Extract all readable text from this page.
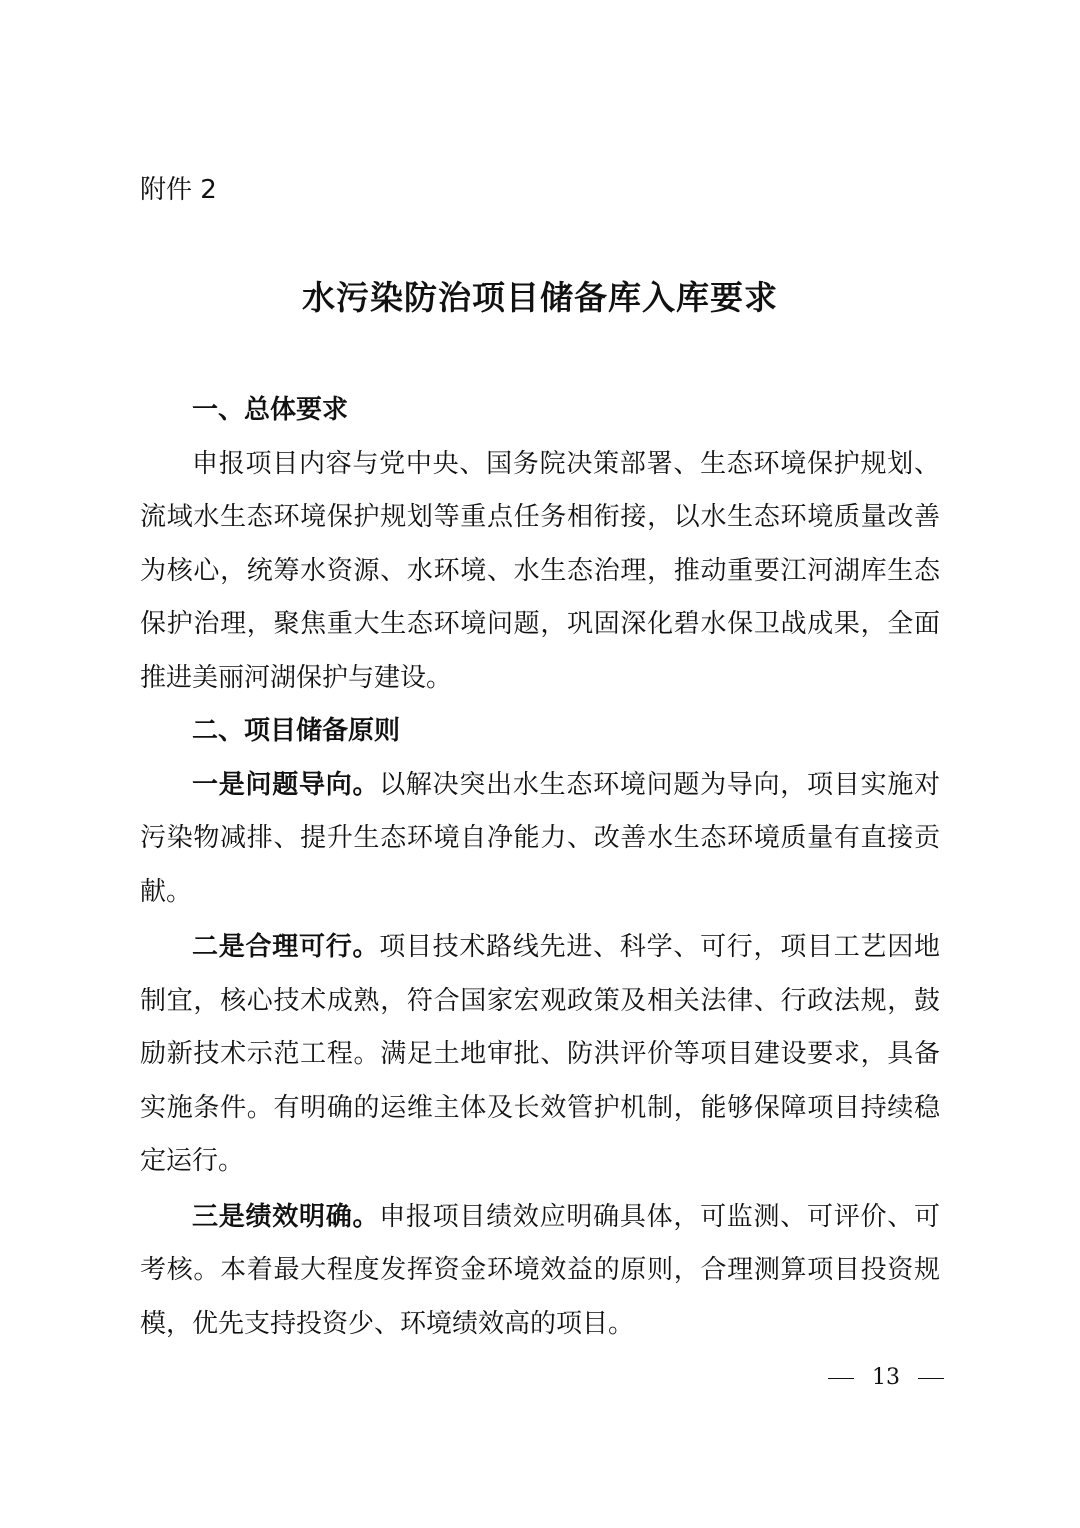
附件 2
水污染防治项目储备库入库要求

一、总体要求

申报项目内容与党中央、国务院决策部署、生态环境保护规划、流域水生态环境保护规划等重点任务相衔接，以水生态环境质量改善为核心，统筹水资源、水环境、水生态治理，推动重要江河湖库生态保护治理，聚焦重大生态环境问题，巩固深化碧水保卫战成果，全面推进美丽河湖保护与建设。

二、项目储备原则

一是问题导向。以解决突出水生态环境问题为导向，项目实施对污染物减排、提升生态环境自净能力、改善水生态环境质量有直接贡献。

二是合理可行。项目技术路线先进、科学、可行，项目工艺因地制宜，核心技术成熟，符合国家宏观政策及相关法律、行政法规，鼓励新技术示范工程。满足土地审批、防洪评价等项目建设要求，具备实施条件。有明确的运维主体及长效管护机制，能够保障项目持续稳定运行。

三是绩效明确。申报项目绩效应明确具体，可监测、可评价、可考核。本着最大程度发挥资金环境效益的原则，合理测算项目投资规模，优先支持投资少、环境绩效高的项目。

13
